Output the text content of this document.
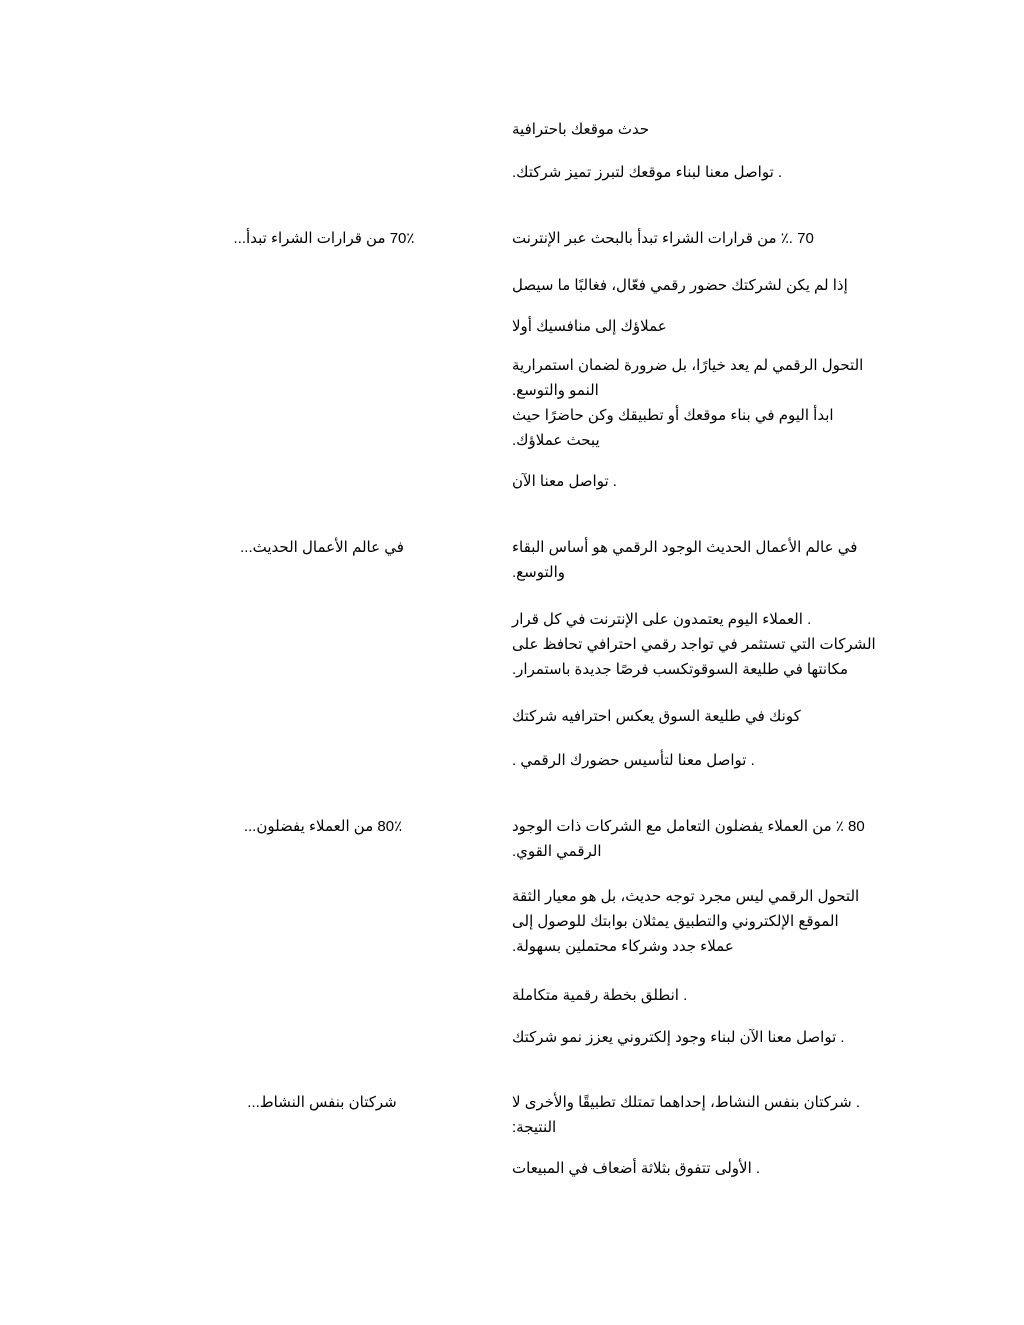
حدث موقعك باحترافية

. تواصل معنا لبناء موقعك لتبرز تميز شركتك.

70٪ من قرارات الشراء تبدأ...	70 .٪ من قرارات الشراء تبدأ بالبحث عبر الإنترنت

إذا لم يكن لشركتك حضور رقمي فعّال، فغالبًا ما سيصل

عملاؤك إلى منافسيك أولا

التحول الرقمي لم يعد خيارًا، بل ضرورة لضمان استمرارية

النمو والتوسع.

ابدأ اليوم في بناء موقعك أو تطبيقك وكن حاضرًا حيث

يبحث عملاؤك.

. تواصل معنا الآن

في عالم الأعمال الحديث...	في عالم الأعمال الحديث الوجود الرقمي هو أساس البقاء

والتوسع.

. العملاء اليوم يعتمدون على الإنترنت في كل قرار

الشركات التي تستثمر في تواجد رقمي احترافي تحافظ على

مكانتها في طليعة السوقوتكسب فرصًا جديدة باستمرار.

كونك في طليعة السوق يعكس احترافيه شركتك

. تواصل معنا لتأسيس حضورك الرقمي .

80٪ من العملاء يفضلون...	80 ٪ من العملاء يفضلون التعامل مع الشركات ذات الوجود

الرقمي القوي.

التحول الرقمي ليس مجرد توجه حديث، بل هو معيار الثقة

الموقع الإلكتروني والتطبيق يمثلان بوابتك للوصول إلى

عملاء جدد وشركاء محتملين بسهولة.

. انطلق بخطة رقمية متكاملة

. تواصل معنا الآن لبناء وجود إلكتروني يعزز نمو شركتك

شركتان بنفس النشاط...	. شركتان بنفس النشاط، إحداهما تمتلك تطبيقًا والأخرى لا

النتيجة:

. الأولى تتفوق بثلاثة أضعاف في المبيعات
